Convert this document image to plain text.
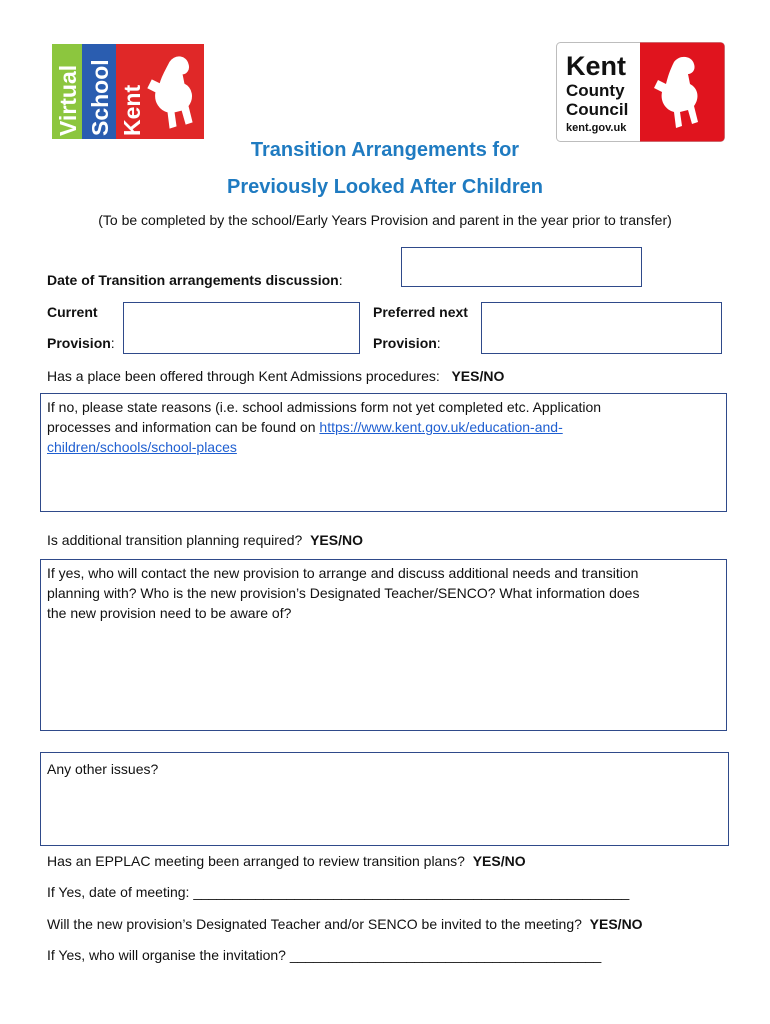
Virtual School Kent
Kent
County
Council
kent.gov.uk
Transition Arrangements for
Previously Looked After Children
(To be completed by the school/Early Years Provision and parent in the year prior to transfer)
Date of Transition arrangements discussion:
Current
Provision:
Preferred next
Provision:
Has a place been offered through Kent Admissions procedures: YES/NO
If no, please state reasons (i.e. school admissions form not yet completed etc. Application
processes and information can be found on https://www.kent.gov.uk/education-and-
children/schools/school-places
Is additional transition planning required? YES/NO
If yes, who will contact the new provision to arrange and discuss additional needs and transition
planning with? Who is the new provision’s Designated Teacher/SENCO? What information does
the new provision need to be aware of?
Any other issues?
Has an EPPLAC meeting been arranged to review transition plans? YES/NO
If Yes, date of meeting: ________________________________________________________
Will the new provision’s Designated Teacher and/or SENCO be invited to the meeting? YES/NO
If Yes, who will organise the invitation? ________________________________________
